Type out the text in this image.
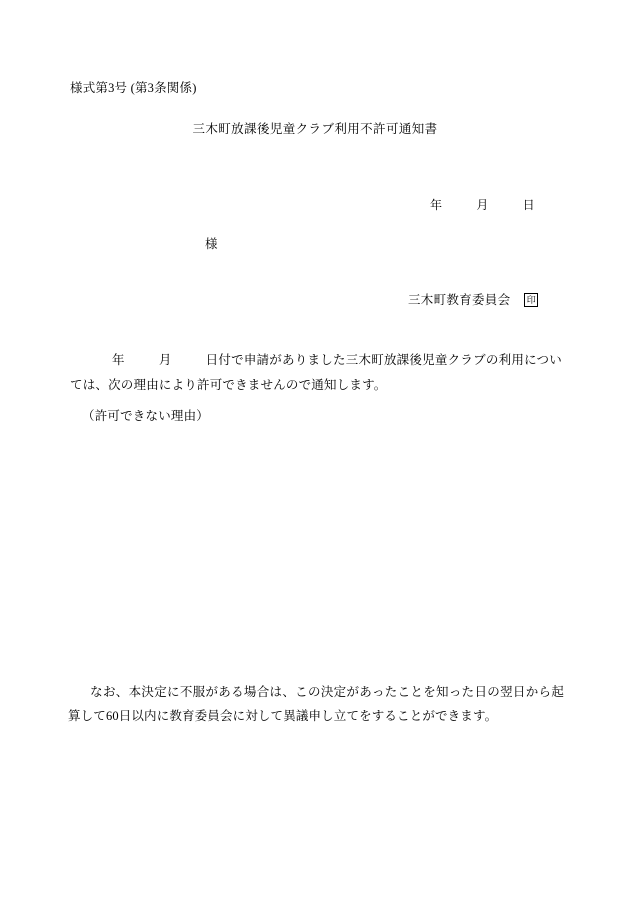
様式第3号 (第3条関係)
三木町放課後児童クラブ利用不許可通知書
年	月	日
様
三木町教育委員会 印

年	月	日付で申請がありました三木町放課後児童クラブの利用については、次の理由により許可できませんので通知します。

（許可できない理由）
なお、本決定に不服がある場合は、この決定があったことを知った日の翌日から起算して60日以内に教育委員会に対して異議申し立てをすることができます。
